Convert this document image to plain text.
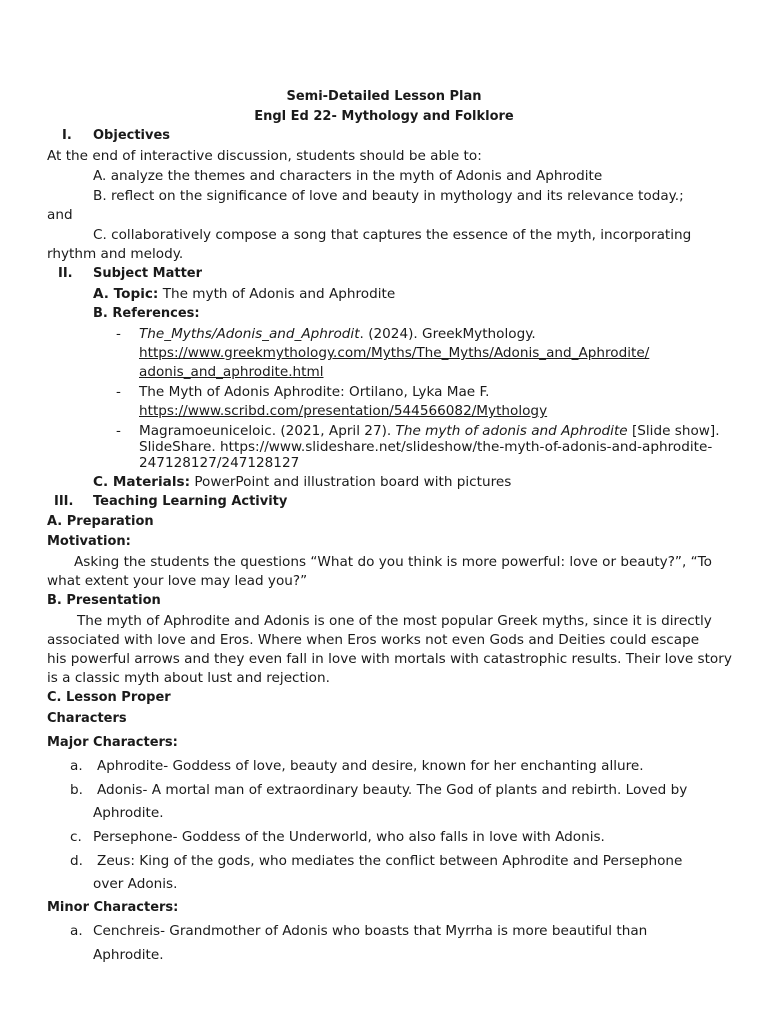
Semi-Detailed Lesson Plan
Engl Ed 22- Mythology and Folklore
I. Objectives
At the end of interactive discussion, students should be able to:
A. analyze the themes and characters in the myth of Adonis and Aphrodite
B. reflect on the significance of love and beauty in mythology and its relevance today.;
and
C. collaboratively compose a song that captures the essence of the myth, incorporating
rhythm and melody.
II. Subject Matter
A. Topic: The myth of Adonis and Aphrodite
B. References:
- The_Myths/Adonis_and_Aphrodit. (2024). GreekMythology.
https://www.greekmythology.com/Myths/The_Myths/Adonis_and_Aphrodite/
adonis_and_aphrodite.html
- The Myth of Adonis Aphrodite: Ortilano, Lyka Mae F.
https://www.scribd.com/presentation/544566082/Mythology
- Magramoeuniceloic. (2021, April 27). The myth of adonis and Aphrodite [Slide show].
SlideShare. https://www.slideshare.net/slideshow/the-myth-of-adonis-and-aphrodite-
247128127/247128127
C. Materials: PowerPoint and illustration board with pictures
III. Teaching Learning Activity
A. Preparation
Motivation:
Asking the students the questions “What do you think is more powerful: love or beauty?”, “To
what extent your love may lead you?”
B. Presentation
The myth of Aphrodite and Adonis is one of the most popular Greek myths, since it is directly
associated with love and Eros. Where when Eros works not even Gods and Deities could escape
his powerful arrows and they even fall in love with mortals with catastrophic results. Their love story
is a classic myth about lust and rejection.
C. Lesson Proper
Characters
Major Characters:
a. Aphrodite- Goddess of love, beauty and desire, known for her enchanting allure.
b. Adonis- A mortal man of extraordinary beauty. The God of plants and rebirth. Loved by
Aphrodite.
c. Persephone- Goddess of the Underworld, who also falls in love with Adonis.
d. Zeus: King of the gods, who mediates the conflict between Aphrodite and Persephone
over Adonis.
Minor Characters:
a. Cenchreis- Grandmother of Adonis who boasts that Myrrha is more beautiful than
Aphrodite.
